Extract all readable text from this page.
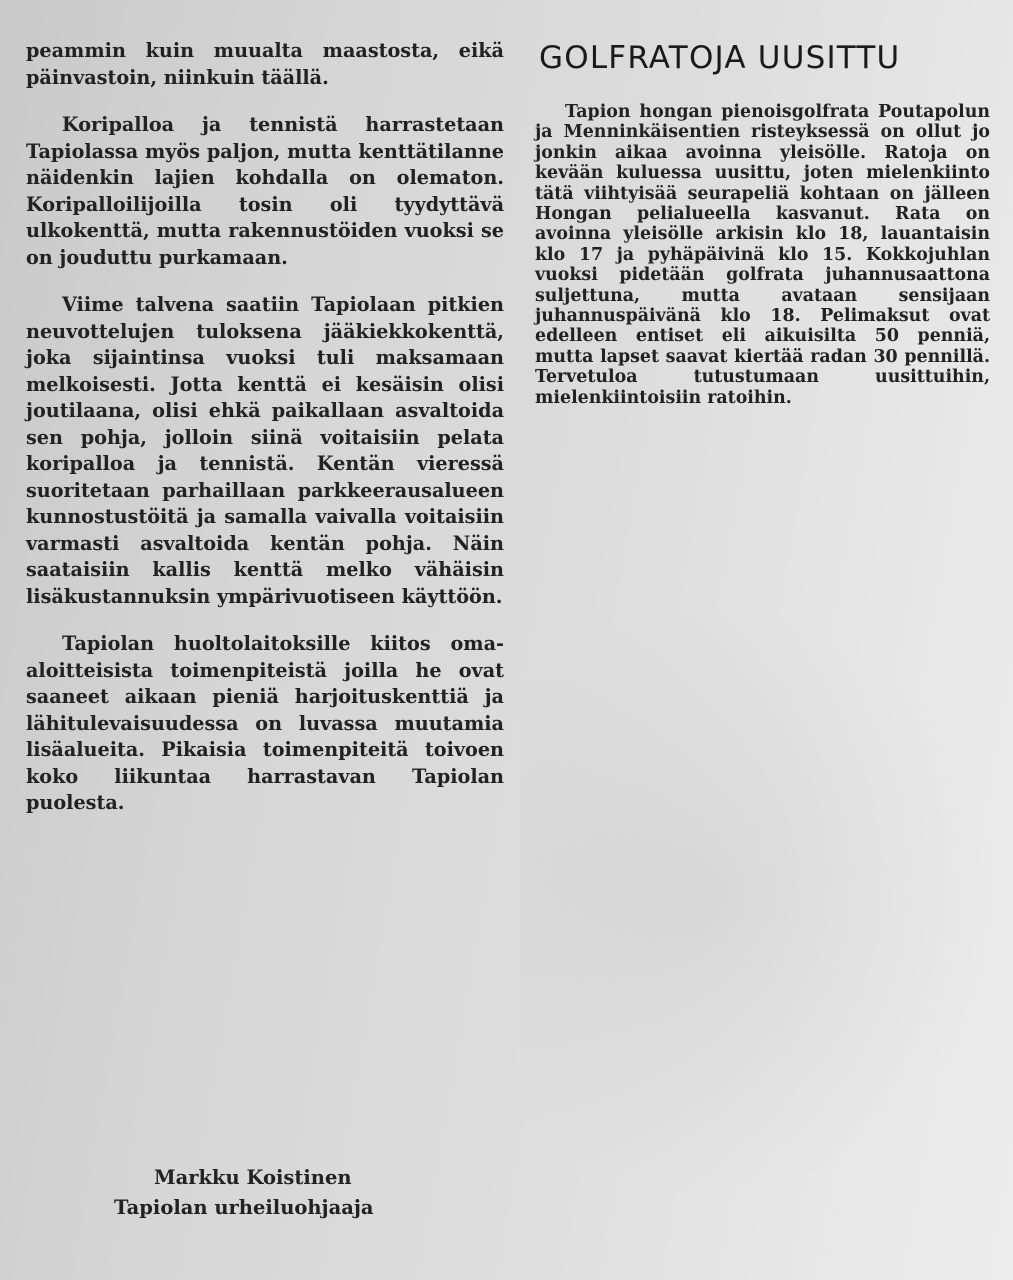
peammin kuin muualta maastosta, eikä päinvastoin, niinkuin täällä.

Koripalloa ja tennistä harrastetaan Tapiolassa myös paljon, mutta kenttätilanne näidenkin lajien kohdalla on olematon. Koripalloilijoilla tosin oli tyydyttävä ulkokenttä, mutta rakennustöiden vuoksi se on jouduttu purkamaan.

Viime talvena saatiin Tapiolaan pitkien neuvottelujen tuloksena jääkiekkokenttä, joka sijaintinsa vuoksi tuli maksamaan melkoisesti. Jotta kenttä ei kesäisin olisi joutilaana, olisi ehkä paikallaan asvaltoida sen pohja, jolloin siinä voitaisiin pelata koripalloa ja tennistä. Kentän vieressä suoritetaan parhaillaan parkkeerausalueen kunnostustöitä ja samalla vaivalla voitaisiin varmasti asvaltoida kentän pohja. Näin saataisiin kallis kenttä melko vähäisin lisäkustannuksin ympärivuotiseen käyttöön.

Tapiolan huoltolaitoksille kiitos oma-aloitteisista toimenpiteistä joilla he ovat saaneet aikaan pieniä harjoituskenttiä ja lähitulevaisuudessa on luvassa muutamia lisäalueita. Pikaisia toimenpiteitä toivoen koko liikuntaa harrastavan Tapiolan puolesta.

Markku Koistinen
Tapiolan urheiluohjaaja
GOLFRATOJA UUSITTU

Tapion hongan pienoisgolfrata Poutapolun ja Menninkäisentien risteyksessä on ollut jo jonkin aikaa avoinna yleisölle. Ratoja on kevään kuluessa uusittu, joten mielenkiinto tätä viihtyisää seurapeliä kohtaan on jälleen Hongan pelialueella kasvanut. Rata on avoinna yleisölle arkisin klo 18, lauantaisin klo 17 ja pyhäpäivinä klo 15. Kokkojuhlan vuoksi pidetään golfrata juhannusaattona suljettuna, mutta avataan sensijaan juhannuspäivänä klo 18. Pelimaksut ovat edelleen entiset eli aikuisilta 50 penniä, mutta lapset saavat kiertää radan 30 pennillä. Tervetuloa tutustumaan uusittuihin, mielenkiintoisiin ratoihin.
